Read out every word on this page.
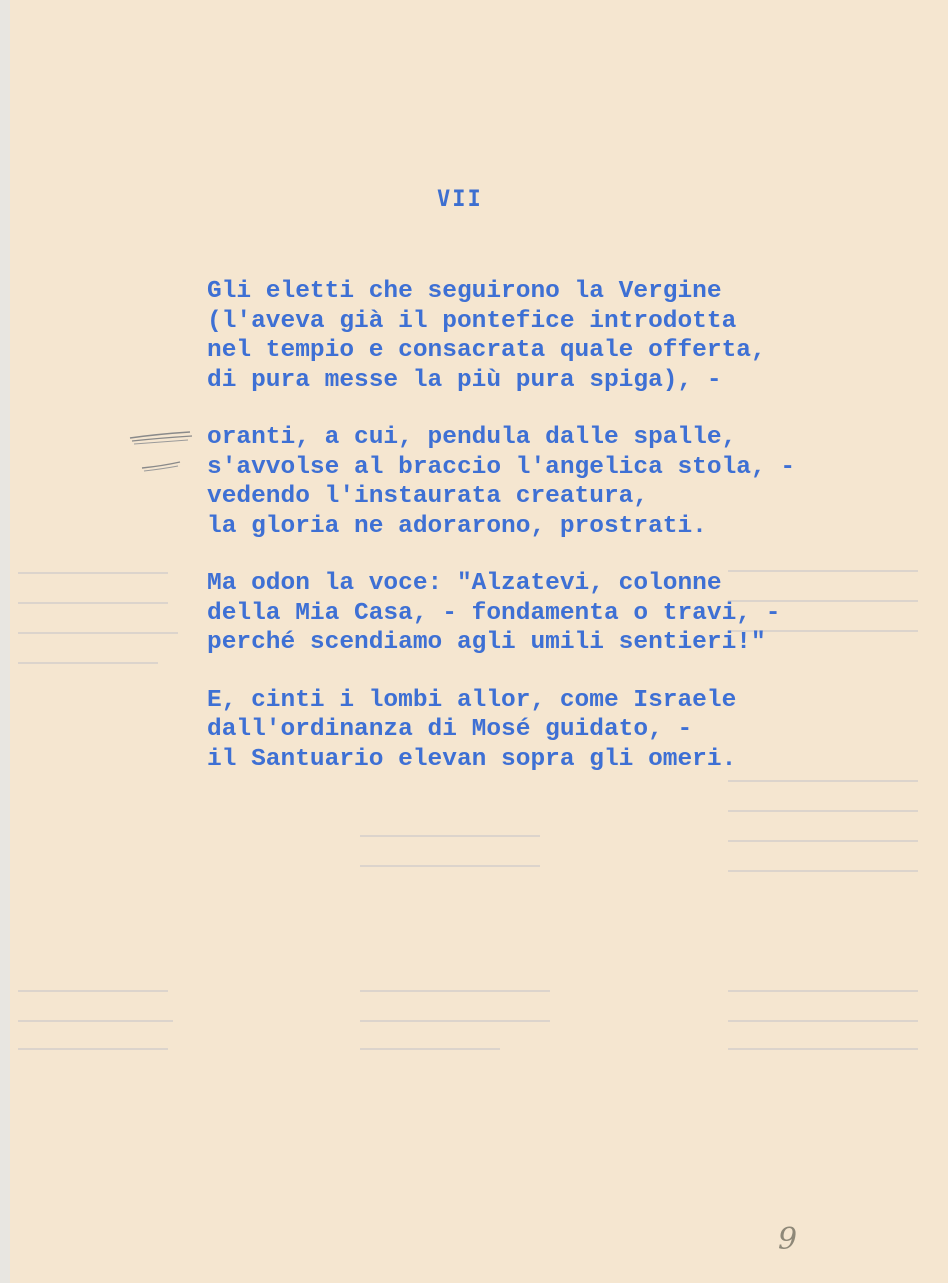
VII
Gli eletti che seguirono la Vergine
(l'aveva già il pontefice introdotta
nel tempio e consacrata quale offerta,
di pura messe la più pura spiga), -
oranti, a cui, pendula dalle spalle,
s'avvolse al braccio l'angelica stola, -
vedendo l'instaurata creatura,
la gloria ne adorarono, prostrati.
Ma odon la voce: "Alzatevi, colonne
della Mia Casa, - fondamenta o travi, -
perché scendiamo agli umili sentieri!"
E, cinti i lombi allor, come Israele
dall'ordinanza di Mosé guidato, -
il Santuario elevan sopra gli omeri.
9
